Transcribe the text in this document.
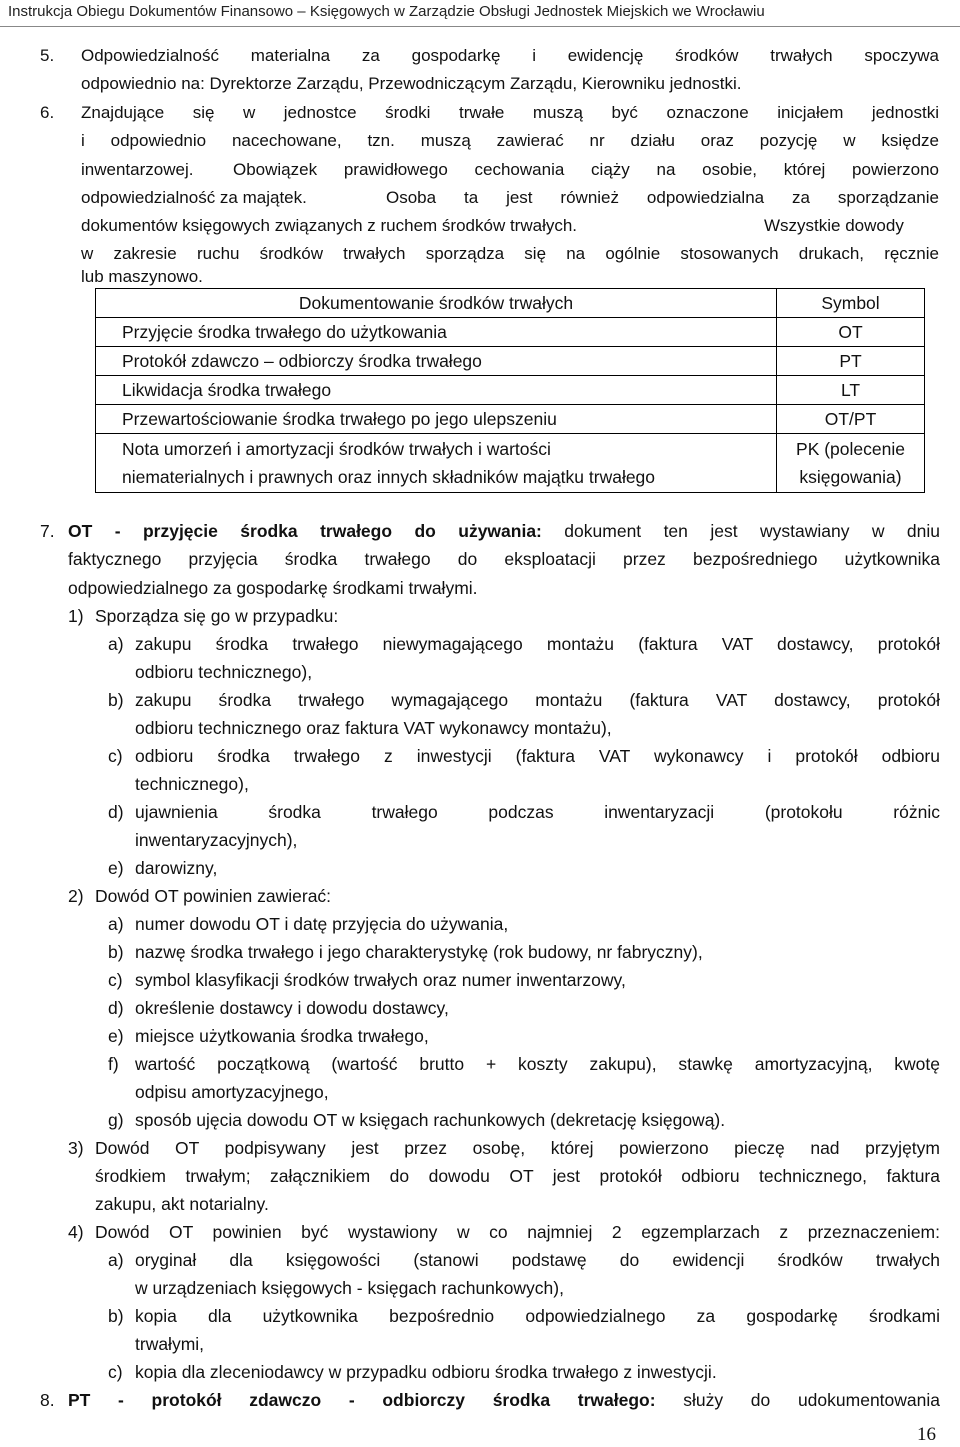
Instrukcja Obiegu Dokumentów Finansowo – Księgowych w Zarządzie Obsługi Jednostek Miejskich we Wrocławiu
5. Odpowiedzialność materialna za gospodarkę i ewidencję środków trwałych spoczywa
odpowiednio na: Dyrektorze Zarządu, Przewodniczącym Zarządu, Kierowniku jednostki.
6. Znajdujące się w jednostce środki trwałe muszą być oznaczone inicjałem jednostki
i odpowiednio nacechowane, tzn. muszą zawierać nr działu oraz pozycję w księdze
inwentarzowej. Obowiązek prawidłowego cechowania ciąży na osobie, której powierzono
odpowiedzialność za majątek.	Osoba ta jest również odpowiedzialna za sporządzanie
dokumentów księgowych związanych z ruchem środków trwałych.	Wszystkie dowody
w zakresie ruchu środków trwałych sporządza się na ogólnie stosowanych drukach, ręcznie
lub maszynowo.
Dokumentowanie środków trwałych	Symbol

Przyjęcie środka trwałego do użytkowania	OT

Protokół zdawczo – odbiorczy środka trwałego	PT

Likwidacja środka trwałego	LT

Przewartościowanie środka trwałego po jego ulepszeniu	OT/PT

Nota umorzeń i amortyzacji środków trwałych i wartości
niematerialnych i prawnych oraz innych składników majątku trwałego	PK (polecenie
księgowania)
7. OT - przyjęcie środka trwałego do używania: dokument ten jest wystawiany w dniu
faktycznego przyjęcia środka trwałego do eksploatacji przez bezpośredniego użytkownika
odpowiedzialnego za gospodarkę środkami trwałymi.
1) Sporządza się go w przypadku:
a) zakupu środka trwałego niewymagającego montażu (faktura VAT dostawcy, protokół
odbioru technicznego),
b) zakupu środka trwałego wymagającego montażu (faktura VAT dostawcy, protokół
odbioru technicznego oraz faktura VAT wykonawcy montażu),
c) odbioru środka trwałego z inwestycji (faktura VAT wykonawcy i protokół odbioru
technicznego),
d) ujawnienia środka trwałego podczas inwentaryzacji (protokołu różnic
inwentaryzacyjnych),
e) darowizny,
2) Dowód OT powinien zawierać:
a) numer dowodu OT i datę przyjęcia do używania,
b) nazwę środka trwałego i jego charakterystykę (rok budowy, nr fabryczny),
c) symbol klasyfikacji środków trwałych oraz numer inwentarzowy,
d) określenie dostawcy i dowodu dostawcy,
e) miejsce użytkowania środka trwałego,
f) wartość początkową (wartość brutto + koszty zakupu), stawkę amortyzacyjną, kwotę
odpisu amortyzacyjnego,
g) sposób ujęcia dowodu OT w księgach rachunkowych (dekretację księgową).
3) Dowód OT podpisywany jest przez osobę, której powierzono pieczę nad przyjętym
środkiem trwałym; załącznikiem do dowodu OT jest protokół odbioru technicznego, faktura
zakupu, akt notarialny.
4) Dowód OT powinien być wystawiony w co najmniej 2 egzemplarzach z przeznaczeniem:
a) oryginał dla księgowości (stanowi podstawę do ewidencji środków trwałych
w urządzeniach księgowych - księgach rachunkowych),
b) kopia dla użytkownika bezpośrednio odpowiedzialnego za gospodarkę środkami
trwałymi,
c) kopia dla zleceniodawcy w przypadku odbioru środka trwałego z inwestycji.
8. PT - protokół zdawczo - odbiorczy środka trwałego: służy do udokumentowania
16
